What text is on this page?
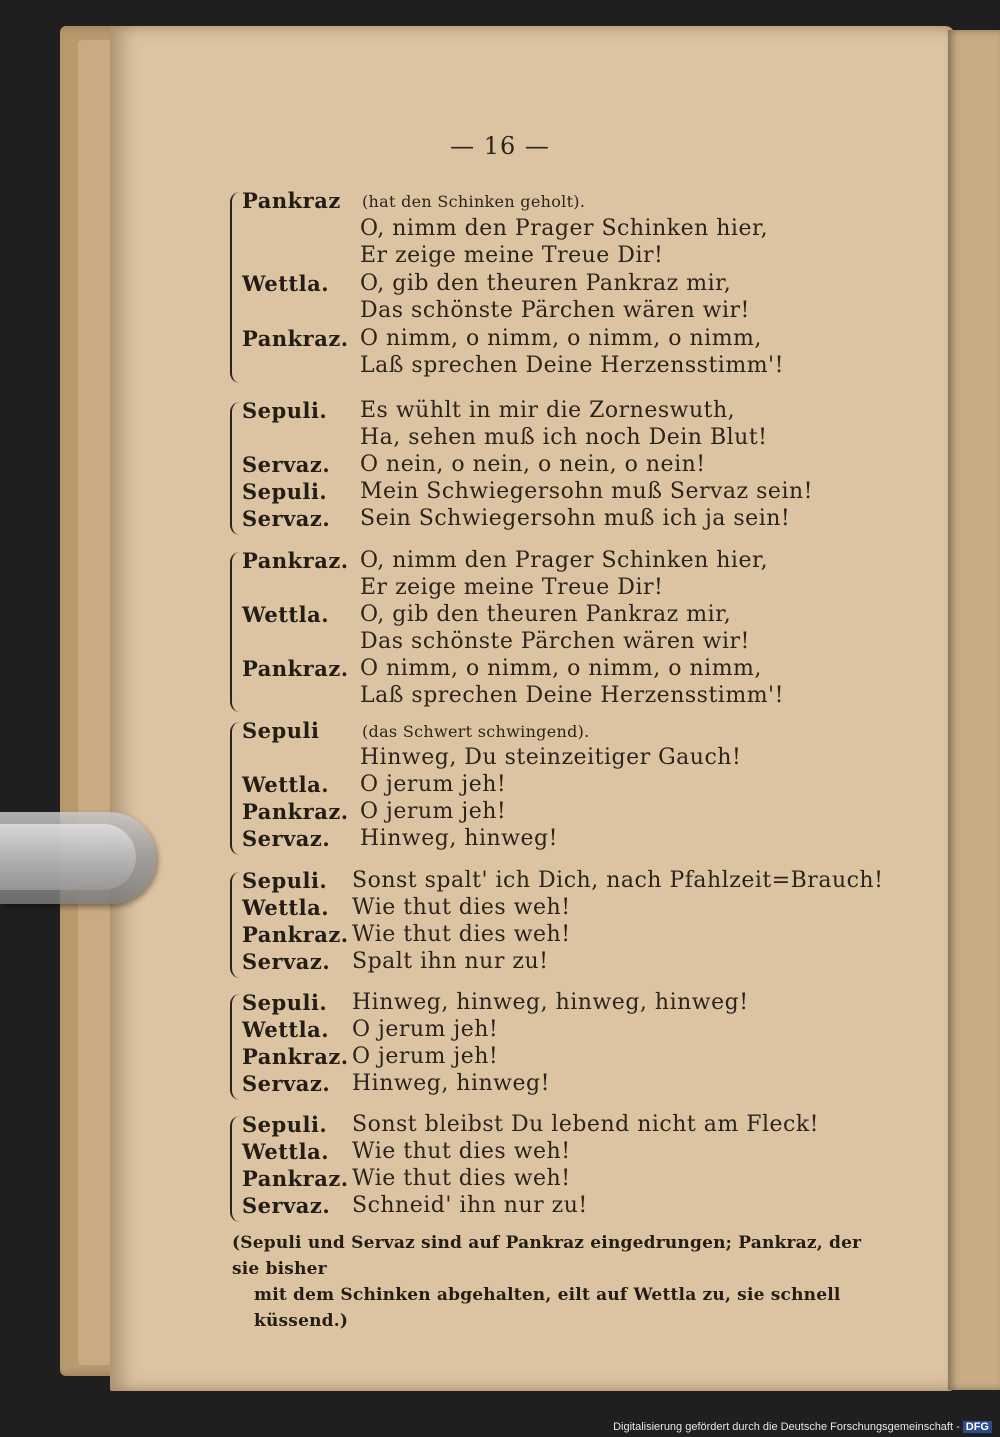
— 16 —
Pankraz (hat den Schinken geholt).
O, nimm den Prager Schinken hier,
Er zeige meine Treue Dir!
Wettla. O, gib den theuren Pankraz mir,
Das schönste Pärchen wären wir!
Pankraz. O nimm, o nimm, o nimm, o nimm,
Laß sprechen Deine Herzensstimm'!
Sepuli. Es wühlt in mir die Zorneswuth,
Ha, sehen muß ich noch Dein Blut!
Servaz. O nein, o nein, o nein, o nein!
Sepuli. Mein Schwiegersohn muß Servaz sein!
Servaz. Sein Schwiegersohn muß ich ja sein!
Pankraz. O, nimm den Prager Schinken hier,
Er zeige meine Treue Dir!
Wettla. O, gib den theuren Pankraz mir,
Das schönste Pärchen wären wir!
Pankraz. O nimm, o nimm, o nimm, o nimm,
Laß sprechen Deine Herzensstimm'!
Sepuli	(das Schwert schwingend).
Hinweg, Du steinzeitiger Gauch!
Wettla. O jerum jeh!
Pankraz. O jerum jeh!
Servaz. Hinweg, hinweg!
Sepuli. Sonst spalt' ich Dich, nach Pfahlzeit=Brauch!
Wettla. Wie thut dies weh!
Pankraz. Wie thut dies weh!
Servaz. Spalt ihn nur zu!
Sepuli. Hinweg, hinweg, hinweg, hinweg!
Wettla. O jerum jeh!
Pankraz. O jerum jeh!
Servaz. Hinweg, hinweg!
Sepuli. Sonst bleibst Du lebend nicht am Fleck!
Wettla. Wie thut dies weh!
Pankraz. Wie thut dies weh!
Servaz. Schneid' ihn nur zu!
(Sepuli und Servaz sind auf Pankraz eingedrungen; Pankraz, der sie bisher
mit dem Schinken abgehalten, eilt auf Wettla zu, sie schnell küssend.)
Digitalisierung gefördert durch die Deutsche Forschungsgemeinschaft - DFG
